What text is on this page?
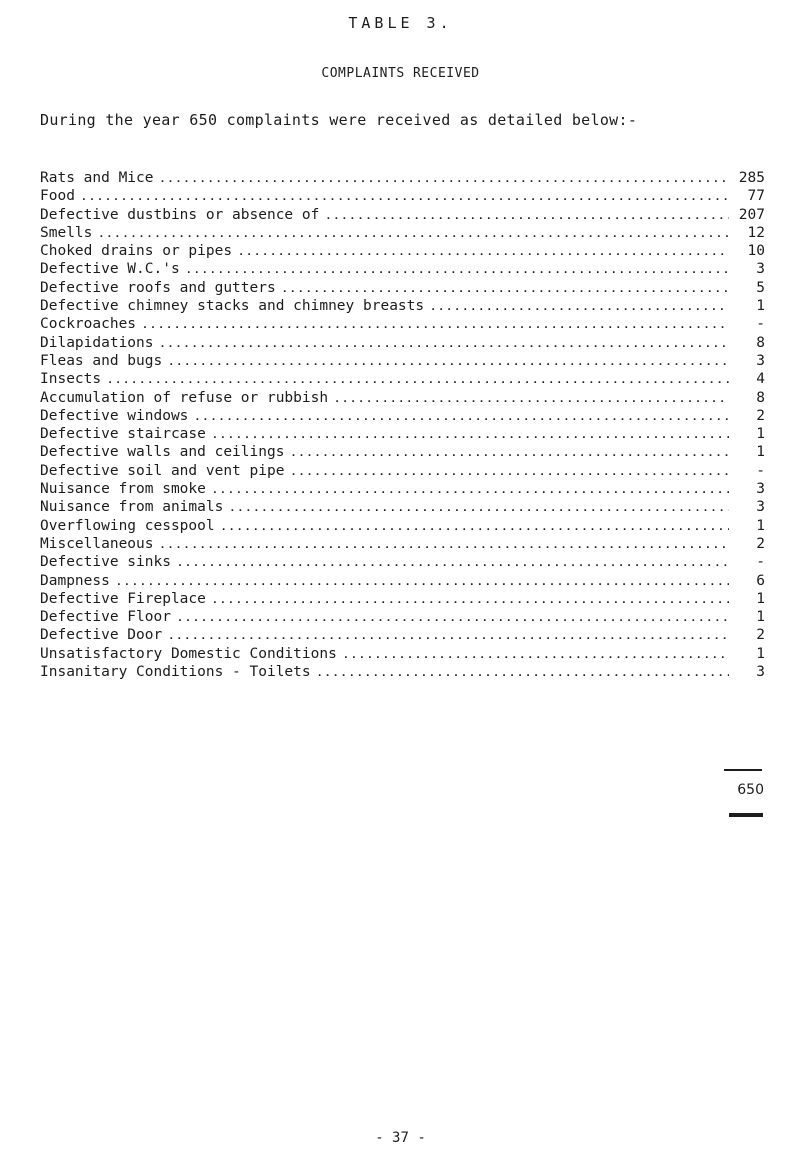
TABLE 3.
COMPLAINTS RECEIVED

During the year 650 complaints were received as detailed below:-

Rats and Mice .....	285
Food .....	77
Defective dustbins or absence of .....	207
Smells .....	12
Choked drains or pipes .....	10
Defective W.C.'s .....	3
Defective roofs and gutters .....	5
Defective chimney stacks and chimney breasts .....	1
Cockroaches .....	-
Dilapidations .....	8
Fleas and bugs .....	3
Insects .....	4
Accumulation of refuse or rubbish .....	8
Defective windows .....	2
Defective staircase .....	1
Defective walls and ceilings .....	1
Defective soil and vent pipe .....	-
Nuisance from smoke .....	3
Nuisance from animals .....	3
Overflowing cesspool .....	1
Miscellaneous .....	2
Defective sinks .....	-
Dampness .....	6
Defective Fireplace .....	1
Defective Floor .....	1
Defective Door .....	2
Unsatisfactory Domestic Conditions .....	1
Insanitary Conditions - Toilets .....	3
650
- 37 -
